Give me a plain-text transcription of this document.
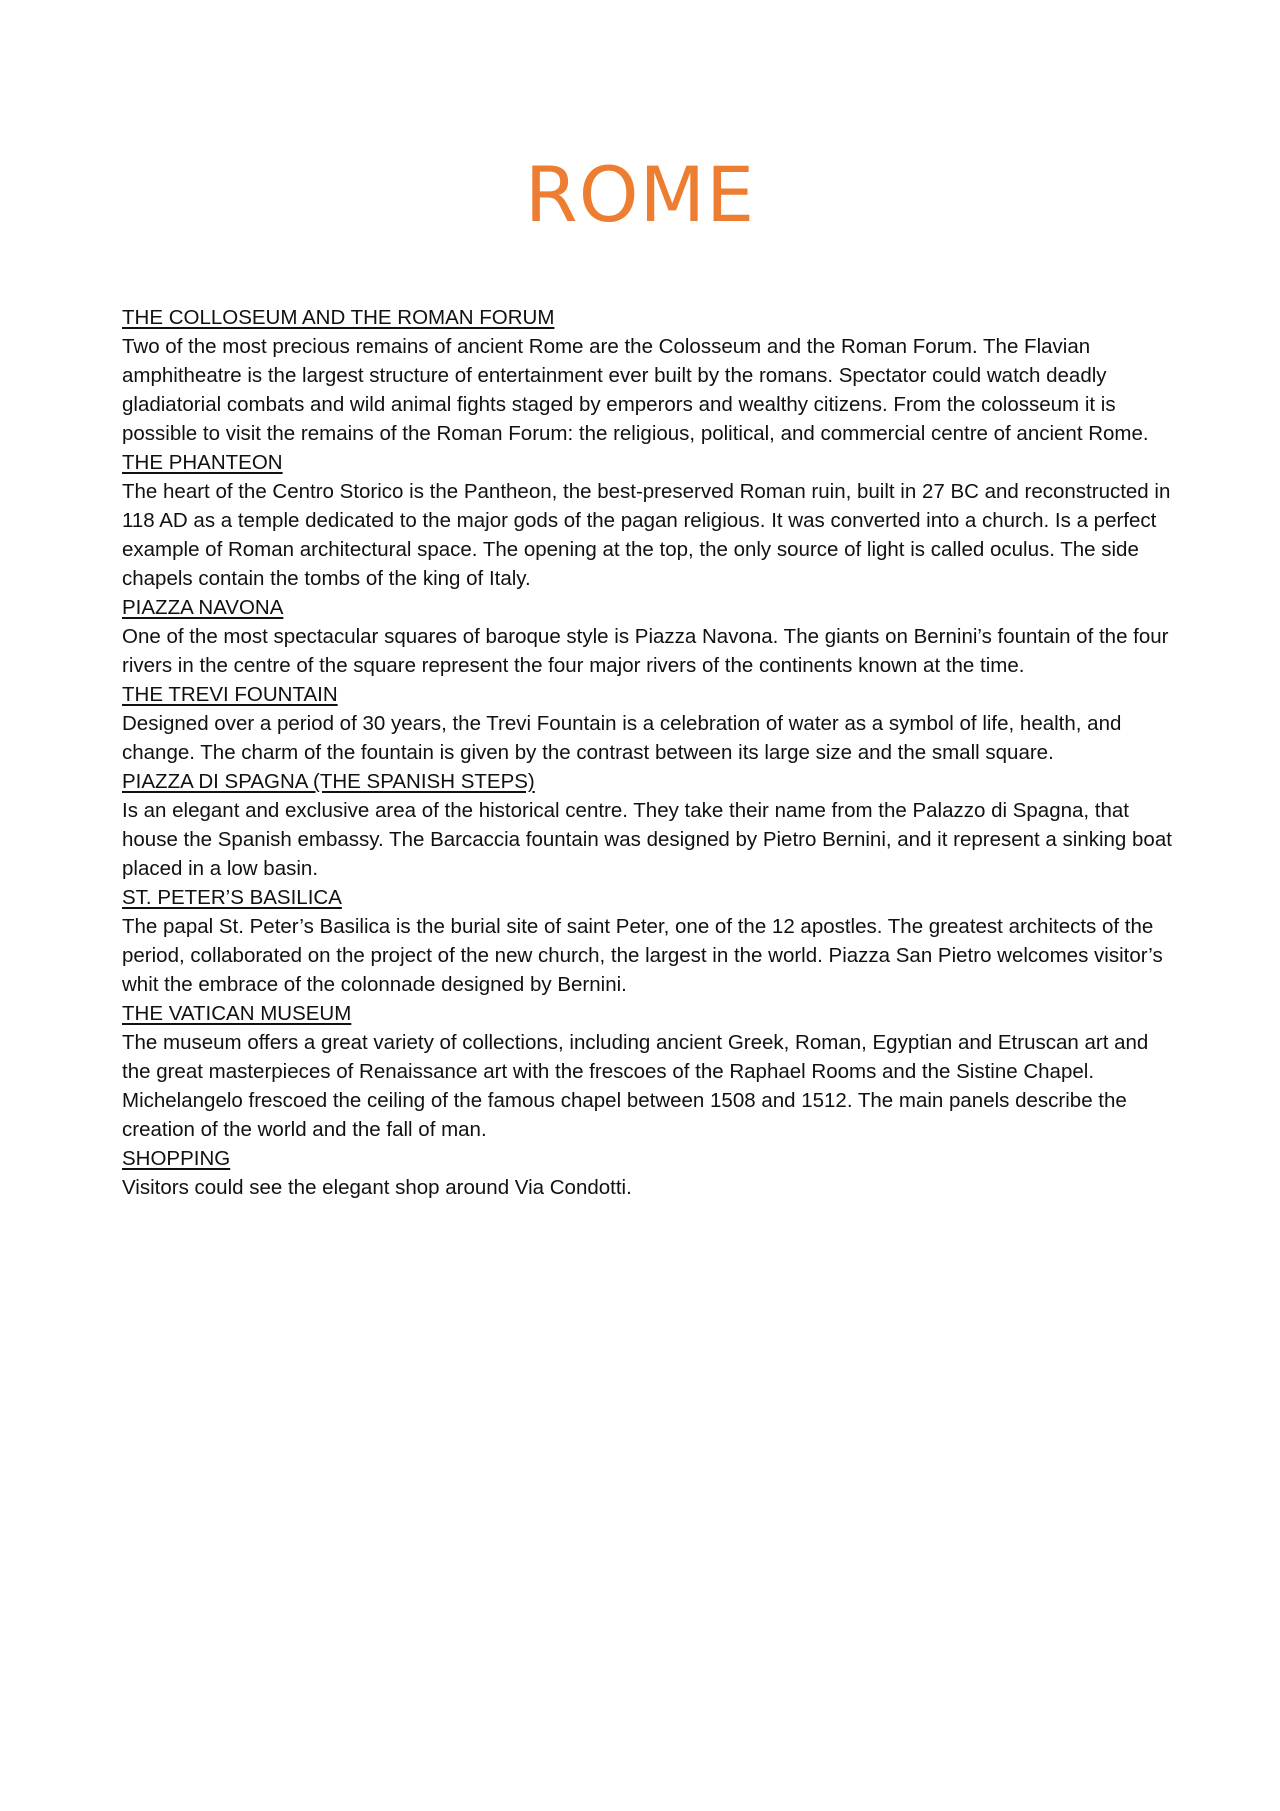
ROME

THE COLLOSEUM AND THE ROMAN FORUM

Two of the most precious remains of ancient Rome are the Colosseum and the Roman Forum. The Flavian amphitheatre is the largest structure of entertainment ever built by the romans. Spectator could watch deadly gladiatorial combats and wild animal fights staged by emperors and wealthy citizens. From the colosseum it is possible to visit the remains of the Roman Forum: the religious, political, and commercial centre of ancient Rome.

THE PHANTEON

The heart of the Centro Storico is the Pantheon, the best-preserved Roman ruin, built in 27 BC and reconstructed in 118 AD as a temple dedicated to the major gods of the pagan religious. It was converted into a church. Is a perfect example of Roman architectural space. The opening at the top, the only source of light is called oculus. The side chapels contain the tombs of the king of Italy.

PIAZZA NAVONA

One of the most spectacular squares of baroque style is Piazza Navona. The giants on Bernini’s fountain of the four rivers in the centre of the square represent the four major rivers of the continents known at the time.

THE TREVI FOUNTAIN

Designed over a period of 30 years, the Trevi Fountain is a celebration of water as a symbol of life, health, and change. The charm of the fountain is given by the contrast between its large size and the small square.

PIAZZA DI SPAGNA (THE SPANISH STEPS)

Is an elegant and exclusive area of the historical centre. They take their name from the Palazzo di Spagna, that house the Spanish embassy. The Barcaccia fountain was designed by Pietro Bernini, and it represent a sinking boat placed in a low basin.

ST. PETER’S BASILICA

The papal St. Peter’s Basilica is the burial site of saint Peter, one of the 12 apostles. The greatest architects of the period, collaborated on the project of the new church, the largest in the world. Piazza San Pietro welcomes visitor’s whit the embrace of the colonnade designed by Bernini.

THE VATICAN MUSEUM

The museum offers a great variety of collections, including ancient Greek, Roman, Egyptian and Etruscan art and the great masterpieces of Renaissance art with the frescoes of the Raphael Rooms and the Sistine Chapel. Michelangelo frescoed the ceiling of the famous chapel between 1508 and 1512. The main panels describe the creation of the world and the fall of man.

SHOPPING

Visitors could see the elegant shop around Via Condotti.
